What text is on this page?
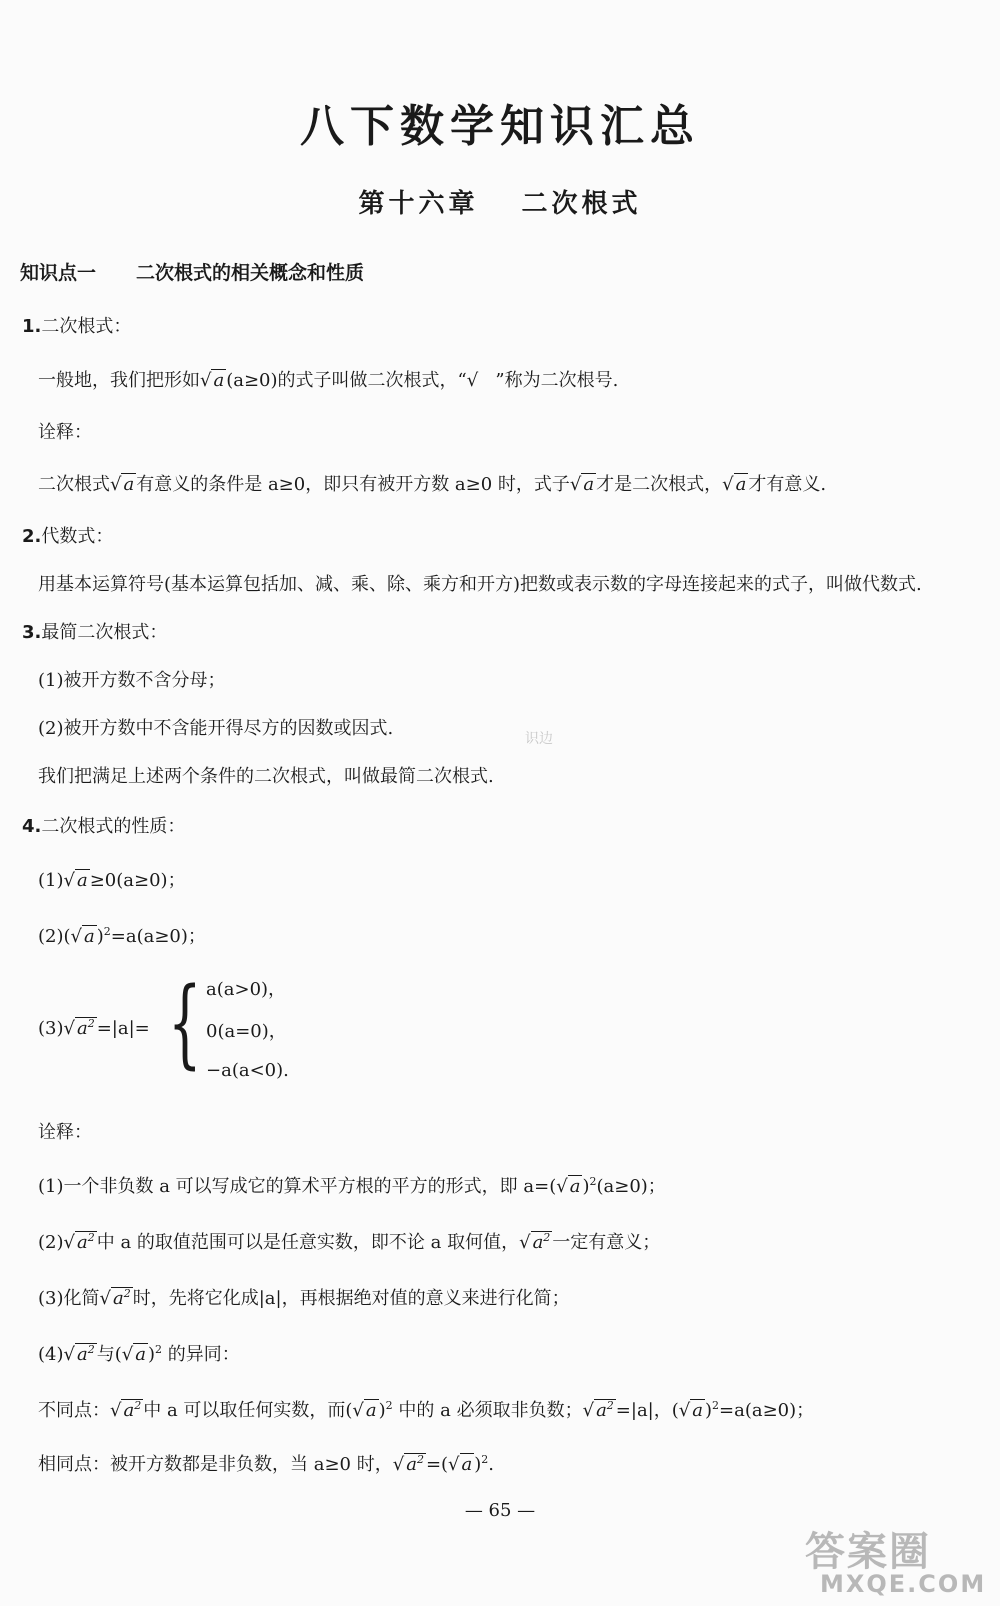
八下数学知识汇总
第十六章 二次根式
知识点一 二次根式的相关概念和性质
1.二次根式：
一般地，我们把形如√ a (a≥0)的式子叫做二次根式，“√ ”称为二次根号.
诠释：
二次根式√ a 有意义的条件是 a≥0，即只有被开方数 a≥0 时，式子√ a 才是二次根式，√ a 才有意义.
2.代数式：
用基本运算符号(基本运算包括加、减、乘、除、乘方和开方)把数或表示数的字母连接起来的式子，叫做代数式.
3.最简二次根式：
(1)被开方数不含分母；
(2)被开方数中不含能开得尽方的因数或因式.
我们把满足上述两个条件的二次根式，叫做最简二次根式.
4.二次根式的性质：
(1)√ a ≥0(a≥0)；
(2)(√ a )$^2$=a(a≥0)；
(3)√ $a^2 =|a|=$ { a(a>0)，
0(a=0)，
−a(a<0).
诠释：
(1)一个非负数 a 可以写成它的算术平方根的平方的形式，即 a=(√ a )$^2$(a≥0)；
(2)√ $a^2$ 中 a 的取值范围可以是任意实数，即不论 a 取何值，√ $a^2$ 一定有意义；
(3)化简√ $a^2$ 时，先将它化成|a|，再根据绝对值的意义来进行化简；
(4)√ $a^2$ 与(√ a )$^2$ 的异同：
不同点：√ $a^2$ 中 a 可以取任何实数，而(√ a )$^2$ 中的 a 必须取非负数；√ $a^2 =|a|$，(√ a )$^2$=a(a≥0)；
相同点：被开方数都是非负数，当 a≥0 时，√ $a^2$ =(√ a )$^2$.
— 65 —
识边
答案圈
MXQE.COM
